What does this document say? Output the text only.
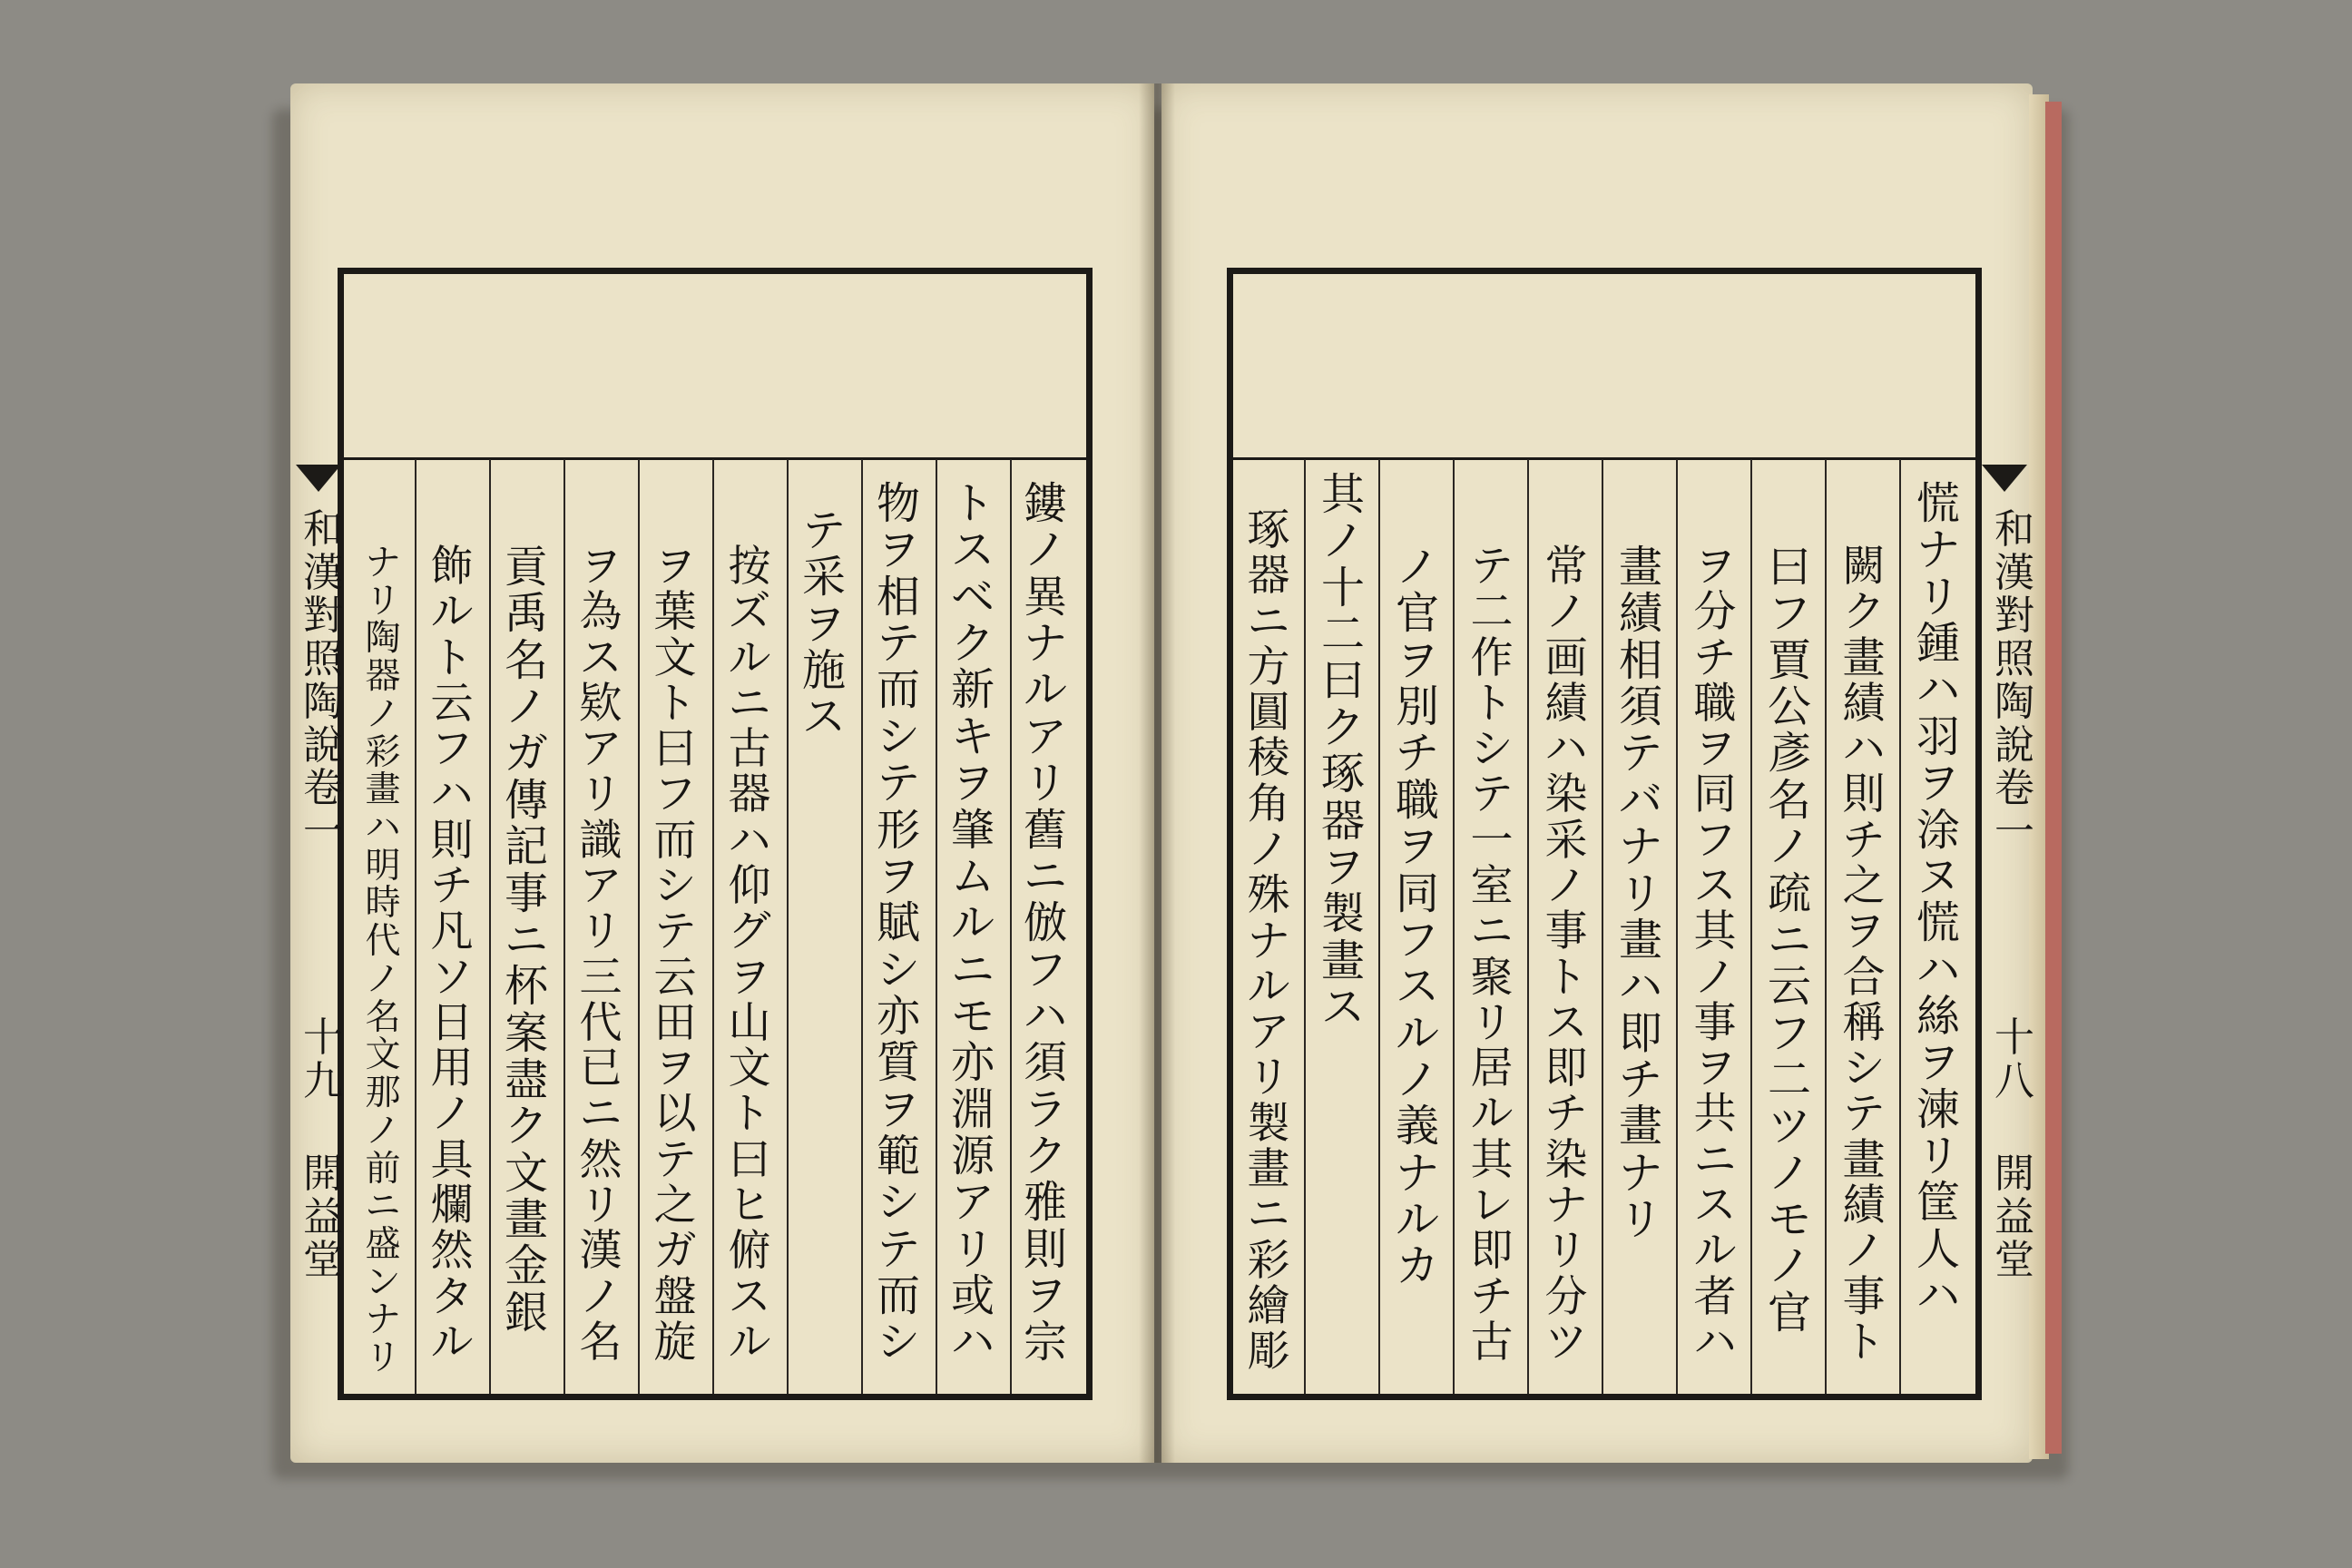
鏤
ノ
異
ナ
ル
ア
リ
舊
ニ
倣
フ
ハ
須
ラ
ク
雅
則
ヲ
宗
ト
ス
ベ
ク
新
キ
ヲ
肇
ム
ル
ニ
モ
亦
淵
源
ア
リ
或
ハ
物
ヲ
相
テ
而
シ
テ
形
ヲ
賦
シ
亦
質
ヲ
範
シ
テ
而
シ
テ
采
ヲ
施
ス
按
ズ
ル
ニ
古
器
ハ
仰
グ
ヲ
山
文
ト
曰
ヒ
俯
ス
ル
ヲ
葉
文
ト
曰
フ
而
シ
テ
云
田
ヲ
以
テ
之
ガ
盤
旋
ヲ
為
ス
欵
ア
リ
識
ア
リ
三
代
已
ニ
然
リ
漢
ノ
名
貢
禹
名
ノ
ガ
傳
記
事
ニ
杯
案
盡
ク
文
畫
金
銀
飾
ル
ト
云
フ
ハ
則
チ
凡
ソ
日
用
ノ
具
爛
然
タ
ル
ナ
リ
陶
器
ノ
彩
畫
ハ
明
時
代
ノ
名
文
那
ノ
前
ニ
盛
ン
ナ
リ
和
漢
對
照
陶
說
卷
一
十
九
開
益
堂
慌
ナ
リ
鍾
ハ
羽
ヲ
涂
ヌ
慌
ハ
絲
ヲ
湅
リ
筐
人
ハ
闕
ク
畫
績
ハ
則
チ
之
ヲ
合
稱
シ
テ
畫
績
ノ
事
ト
曰
フ
賈
公
彥
名
ノ
疏
ニ
云
フ
二
ツ
ノ
モ
ノ
官
ヲ
分
チ
職
ヲ
同
フ
ス
其
ノ
事
ヲ
共
ニ
ス
ル
者
ハ
畫
績
相
須
テ
バ
ナ
リ
畫
ハ
即
チ
畫
ナ
リ
常
ノ
画
績
ハ
染
采
ノ
事
ト
ス
即
チ
染
ナ
リ
分
ツ
テ
二
作
ト
シ
テ
一
室
ニ
聚
リ
居
ル
其
レ
即
チ
古
ノ
官
ヲ
別
チ
職
ヲ
同
フ
ス
ル
ノ
義
ナ
ル
カ
其
ノ
十
二
曰
ク
琢
器
ヲ
製
畫
ス
琢
器
ニ
方
圓
稜
角
ノ
殊
ナ
ル
ア
リ
製
畫
ニ
彩
繪
彫
和
漢
對
照
陶
說
卷
一
十
八
開
益
堂
